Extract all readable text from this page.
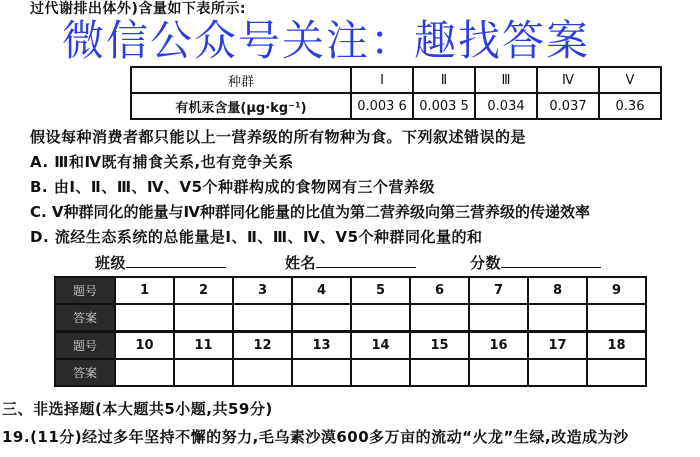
过代谢排出体外)含量如下表所示:
微信公众号关注：趣找答案
种群	Ⅰ	Ⅱ	Ⅲ	Ⅳ	Ⅴ
有机汞含量(μg·kg⁻¹)	0.003 6	0.003 5	0.034	0.037	0.36
假设每种消费者都只能以上一营养级的所有物种为食。下列叙述错误的是
A. Ⅲ和Ⅳ既有捕食关系,也有竞争关系
B. 由Ⅰ、Ⅱ、Ⅲ、Ⅳ、Ⅴ5个种群构成的食物网有三个营养级
C. Ⅴ种群同化的能量与Ⅳ种群同化能量的比值为第二营养级向第三营养级的传递效率
D. 流经生态系统的总能量是Ⅰ、Ⅱ、Ⅲ、Ⅳ、Ⅴ5个种群同化量的和
班级	姓名	分数
题号	1	2	3	4	5	6	7	8	9
答案									
题号	10	11	12	13	14	15	16	17	18
答案									
三、非选择题(本大题共5小题,共59分)
19.(11分)经过多年坚持不懈的努力,毛乌素沙漠600多万亩的流动“火龙”生绿,改造成为沙
